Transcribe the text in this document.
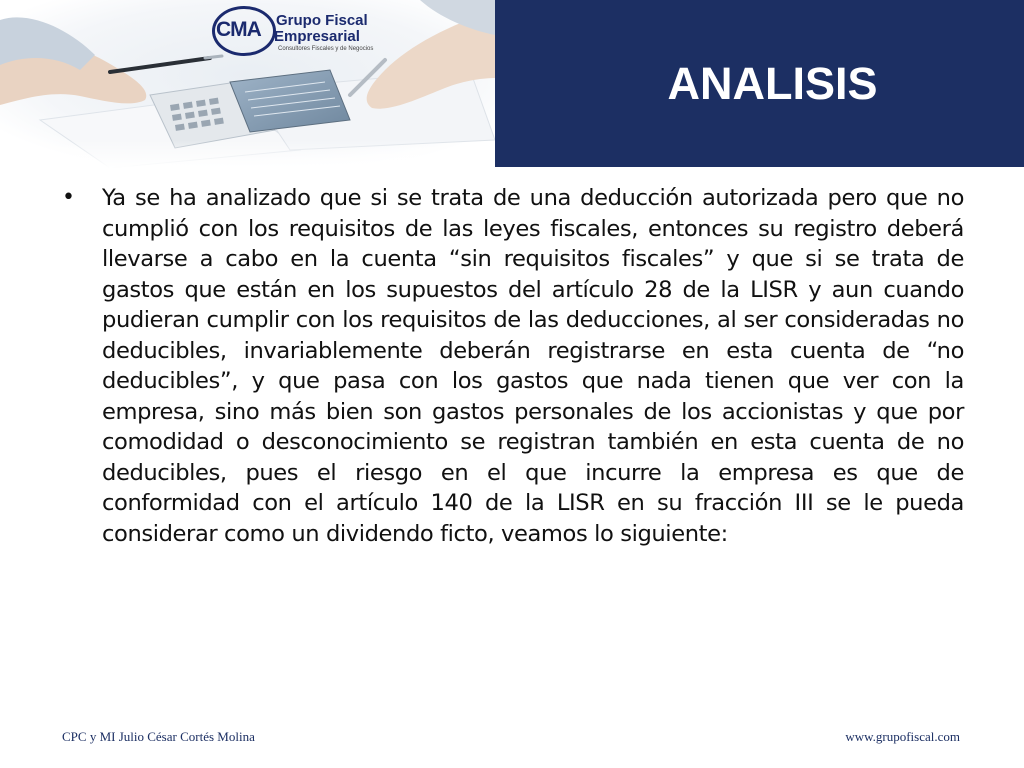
CMA	Grupo Fiscal
Empresarial
Consultores Fiscales y de Negocios
ANALISIS
•	Ya se ha analizado que si se trata de una deducción autorizada pero que no cumplió con los requisitos de las leyes fiscales, entonces su registro deberá llevarse a cabo en la cuenta “sin requisitos fiscales” y que si se trata de gastos que están en los supuestos del artículo 28 de la LISR y aun cuando pudieran cumplir con los requisitos de las deducciones, al ser consideradas no deducibles, invariablemente deberán registrarse en esta cuenta de “no deducibles”, y que pasa con los gastos que nada tienen que ver con la empresa, sino más bien son gastos personales de los accionistas y que por comodidad o desconocimiento se registran también en esta cuenta de no deducibles, pues el riesgo en el que incurre la empresa es que de conformidad con el artículo 140 de la LISR en su fracción III se le pueda considerar como un dividendo ficto, veamos lo siguiente:
CPC y MI Julio César Cortés Molina	www.grupofiscal.com
